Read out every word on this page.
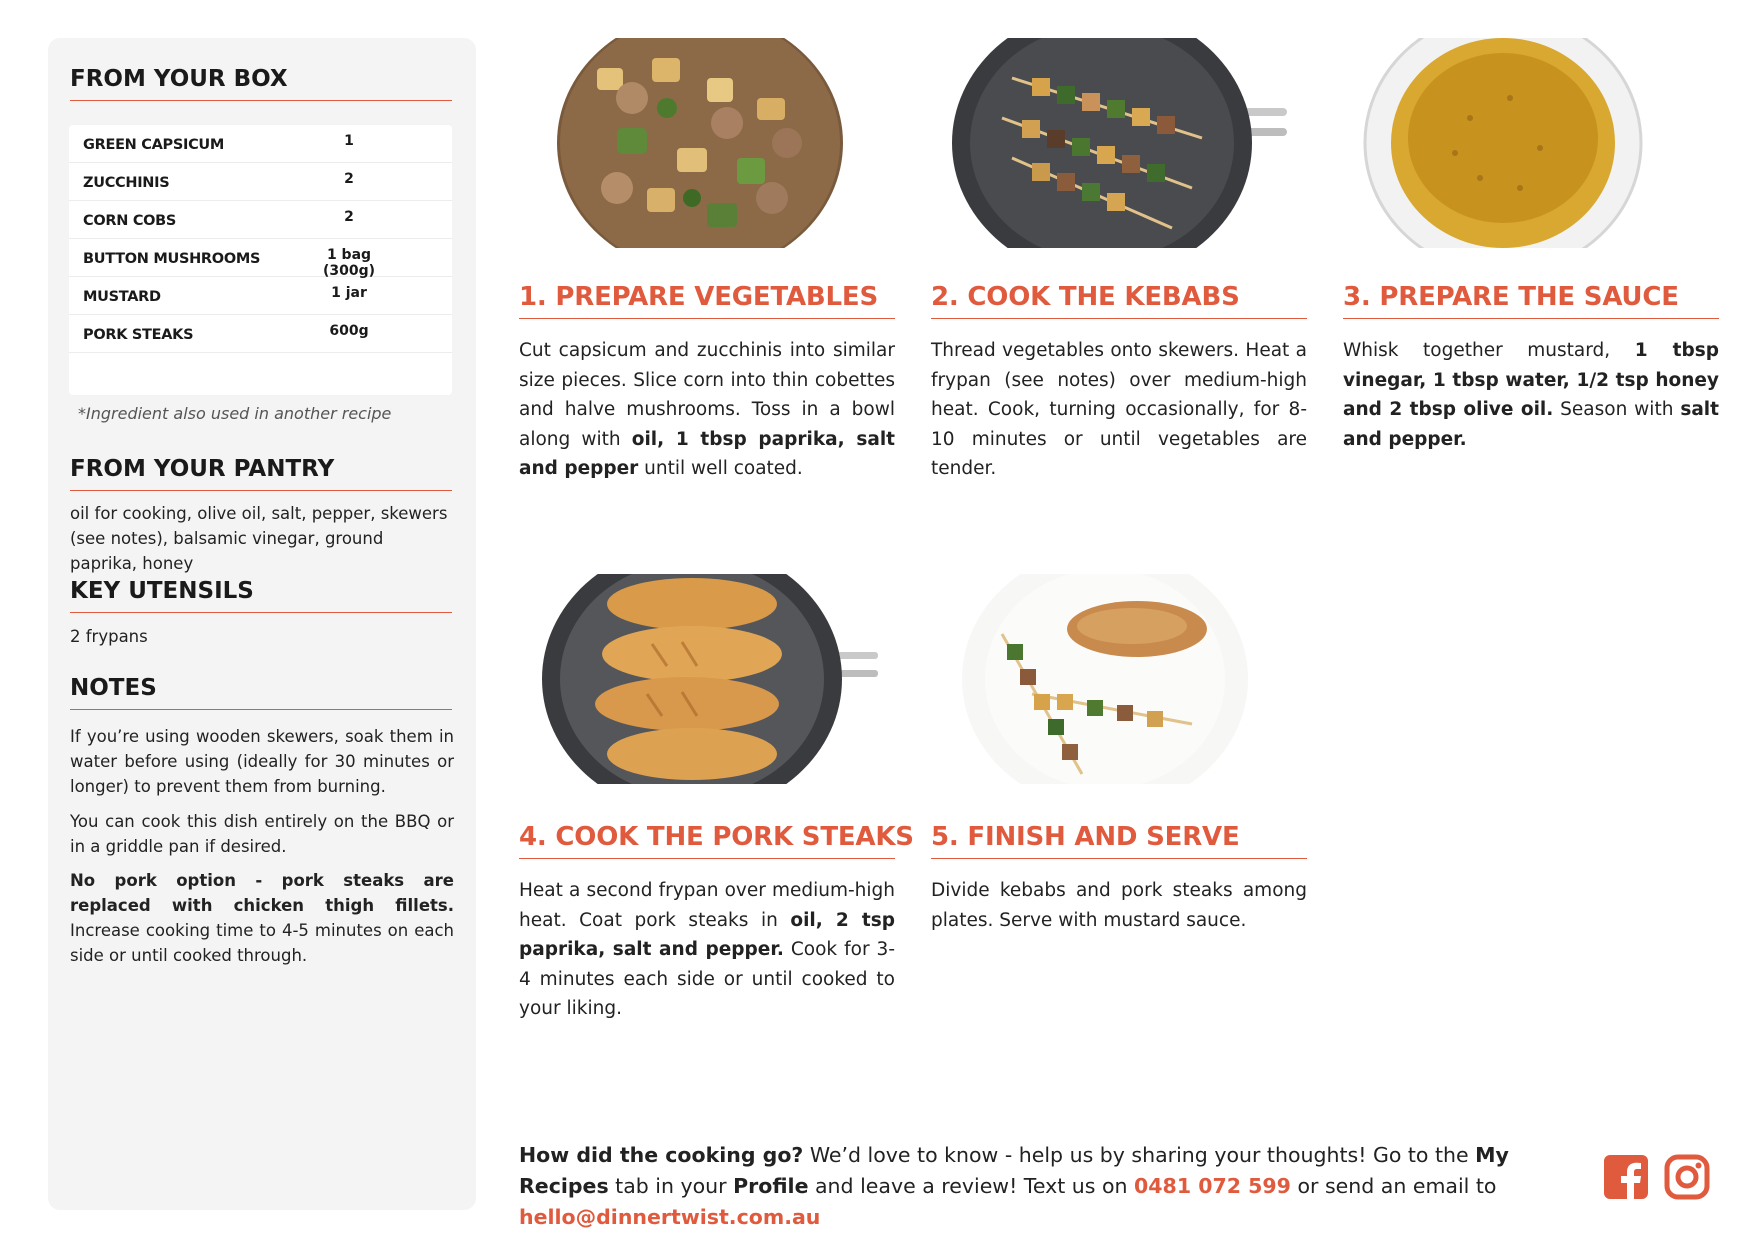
FROM YOUR BOX
GREEN CAPSICUM	1
ZUCCHINIS	2
CORN COBS	2
BUTTON MUSHROOMS	1 bag (300g)
MUSTARD	1 jar
PORK STEAKS	600g
*Ingredient also used in another recipe
FROM YOUR PANTRY
oil for cooking, olive oil, salt, pepper, skewers (see notes), balsamic vinegar, ground paprika, honey
KEY UTENSILS
2 frypans
NOTES
If you’re using wooden skewers, soak them in water before using (ideally for 30 minutes or longer) to prevent them from burning.
You can cook this dish entirely on the BBQ or in a griddle pan if desired.
No pork option - pork steaks are replaced with chicken thigh fillets. Increase cooking time to 4-5 minutes on each side or until cooked through.
1. PREPARE VEGETABLES
Cut capsicum and zucchinis into similar size pieces. Slice corn into thin cobettes and halve mushrooms. Toss in a bowl along with oil, 1 tbsp paprika, salt and pepper until well coated.
2. COOK THE KEBABS
Thread vegetables onto skewers. Heat a frypan (see notes) over medium-high heat. Cook, turning occasionally, for 8-10 minutes or until vegetables are tender.
3. PREPARE THE SAUCE
Whisk together mustard, 1 tbsp vinegar, 1 tbsp water, 1/2 tsp honey and 2 tbsp olive oil. Season with salt and pepper.
4. COOK THE PORK STEAKS
Heat a second frypan over medium-high heat. Coat pork steaks in oil, 2 tsp paprika, salt and pepper. Cook for 3-4 minutes each side or until cooked to your liking.
5. FINISH AND SERVE
Divide kebabs and pork steaks among plates. Serve with mustard sauce.
How did the cooking go? We’d love to know - help us by sharing your thoughts! Go to the My Recipes tab in your Profile and leave a review! Text us on 0481 072 599 or send an email to hello@dinnertwist.com.au
